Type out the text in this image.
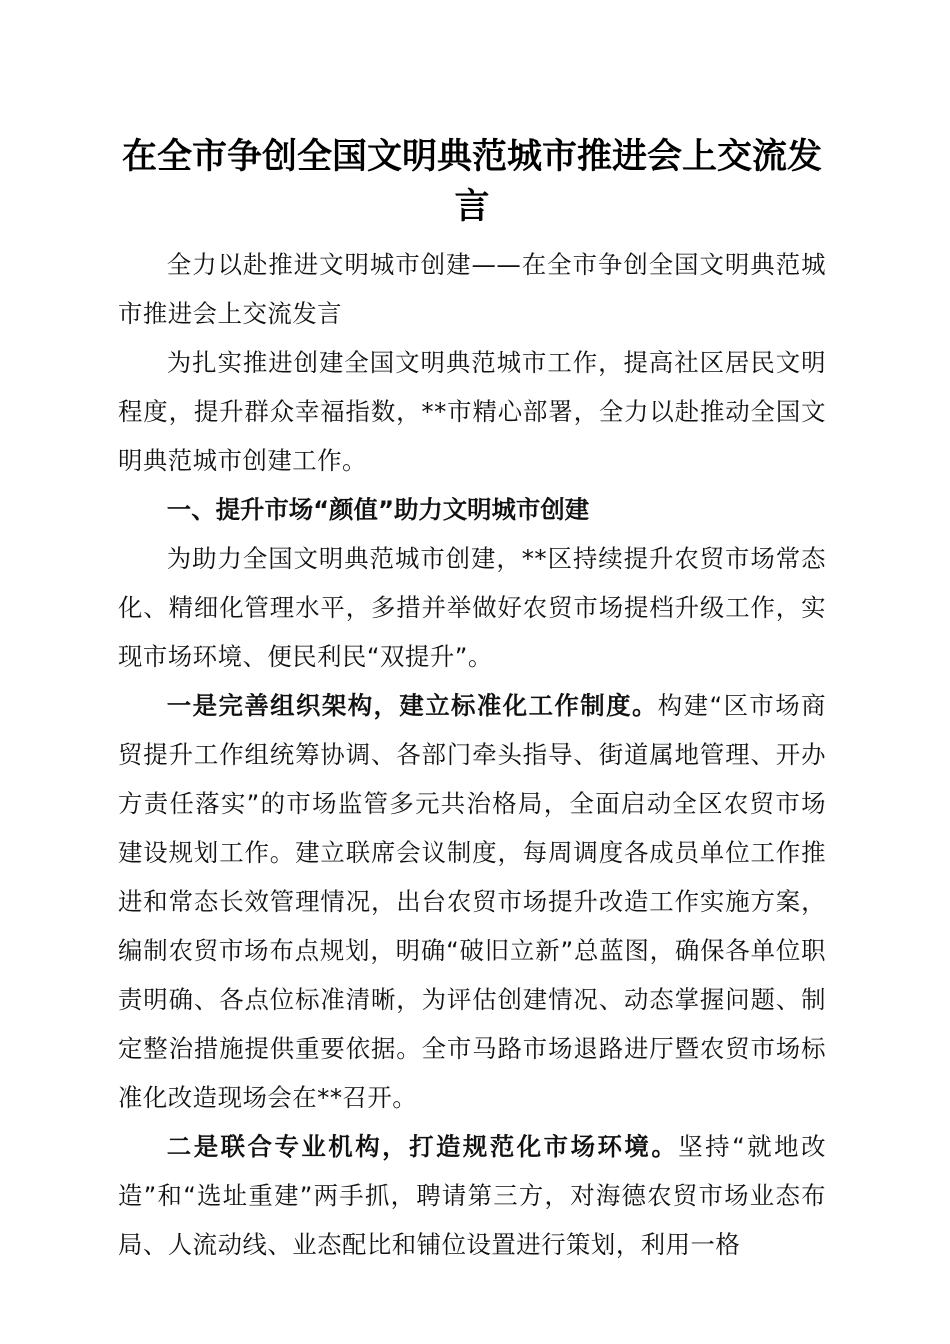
在全市争创全国文明典范城市推进会上交流发言

全力以赴推进文明城市创建——在全市争创全国文明典范城市推进会上交流发言

为扎实推进创建全国文明典范城市工作，提高社区居民文明程度，提升群众幸福指数，**市精心部署，全力以赴推动全国文明典范城市创建工作。

一、提升市场“颜值”助力文明城市创建

为助力全国文明典范城市创建，**区持续提升农贸市场常态化、精细化管理水平，多措并举做好农贸市场提档升级工作，实现市场环境、便民利民“双提升”。

一是完善组织架构，建立标准化工作制度。构建“区市场商贸提升工作组统筹协调、各部门牵头指导、街道属地管理、开办方责任落实”的市场监管多元共治格局，全面启动全区农贸市场建设规划工作。建立联席会议制度，每周调度各成员单位工作推进和常态长效管理情况，出台农贸市场提升改造工作实施方案，编制农贸市场布点规划，明确“破旧立新”总蓝图，确保各单位职责明确、各点位标准清晰，为评估创建情况、动态掌握问题、制定整治措施提供重要依据。全市马路市场退路进厅暨农贸市场标准化改造现场会在**召开。

二是联合专业机构，打造规范化市场环境。坚持“就地改造”和“选址重建”两手抓，聘请第三方，对海德农贸市场业态布局、人流动线、业态配比和铺位设置进行策划，利用一格
